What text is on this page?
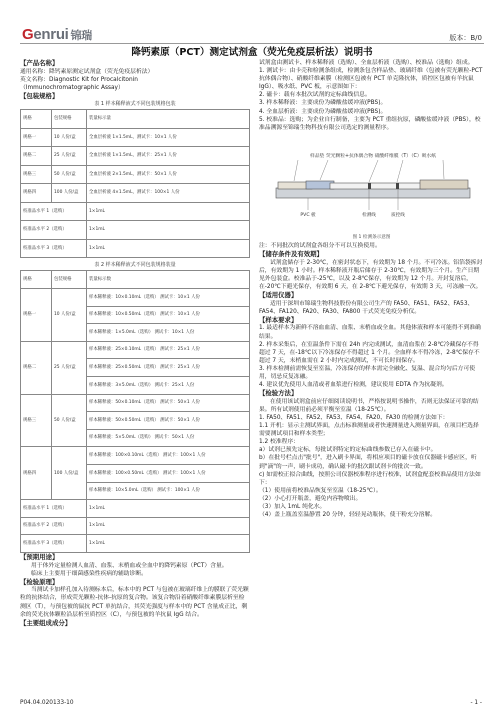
Genrui 锦瑞	版本：B/0
降钙素原（PCT）测定试剂盒（荧光免疫层析法）说明书

【产品名称】

通用名称：降钙素原测定试剂盒（荧光免疫层析法）

英文名称：Diagnostic Kit for Procalcitonin

（Immunochromatographic Assay）

【包装规格】

表 1 样本稀释液式不同包装规格包装
规格	包装规格	装量标示量
规格一	10 人份/盒	全血层析液 1×1.5mL，测试卡：10×1 人份
规格二	25 人份/盒	全血层析液 1×1.5mL，测试卡：25×1 人份
规格三	50 人份/盒	全血层析液 2×1.5mL，测试卡：50×1 人份
规格四	100 人份/盒	全血层析液 4×1.5mL，测试卡：100×1 人份
校准品水平 1（选购）		1×1mL
校准品水平 2（选购）		1×1mL
校准品水平 3（选购）		1×1mL
表 2 样本稀释液式不同包装规格装量
规格	包装规格	装量标示数
规格一	10 人份/盒	样本稀释液：10×0.10mL（选购） 测试卡：10×1 人份
		样本稀释液：10×0.50mL（选购） 测试卡：10×1 人份
		样本稀释液：1×5.0mL（选购） 测试卡：10×1 人份
规格二	25 人份/盒	样本稀释液：25×0.10mL（选购） 测试卡：25×1 人份
		样本稀释液：25×0.50mL（选购） 测试卡：25×1 人份
		样本稀释液：3×5.0mL（选购） 测试卡：25×1 人份
规格三	50 人份/盒	样本稀释液：50×0.10mL（选购） 测试卡：50×1 人份
		样本稀释液：50×0.50mL（选购） 测试卡：50×1 人份
		样本稀释液：5×5.0mL（选购） 测试卡：50×1 人份
规格四	100 人份/盒	样本稀释液：100×0.10mL（选购） 测试卡：100×1 人份
		样本稀释液：100×0.50mL（选购） 测试卡：100×1 人份
		样本稀释液：10×5.0mL（选购） 测试卡：100×1 人份
校准品水平 1（选购）		1×1mL
校准品水平 2（选购）		1×1mL
校准品水平 3（选购）		1×1mL

【预期用途】

用于体外定量检测人血清、血浆、末梢血或全血中的降钙素原（PCT）含量。

临床上主要用于细菌感染性疾病的辅助诊断。

【检验原理】

当测试卡加样孔加入待测标本后，标本中的 PCT 与包被在玻璃纤维上的膜联了荧光颗粒的抗体结合，形成荧光颗粒-抗体-抗原的复合物。该复合物沿着硝酸纤维素膜层析至检测区（T），与预包被的鼠抗 PCT 单抗结合，其荧光强度与样本中的 PCT 含量成正比，剩余的荧光抗体颗粒沿层析至质控区（C），与预包被的羊抗鼠 IgG 结合。

【主要组成成分】

试剂盒由测试卡、样本稀释液（选购）、全血层析液（选购）、校准品（选购）组成。

1. 测试卡：由卡壳和检测条组成，检测条包含样品垫、玻璃纤维（包被有荧光颗粒-PCT 抗体偶合物）、硝酸纤维素膜（检测区包被有 PCT 单克隆抗体，质控区包被有羊抗鼠 IgG）、吸水纸、PVC 板，示意图如下：

2. 磁卡：载有本批次试剂的定标曲线信息。

3. 样本稀释液：主要成份为磷酸盐缓冲液(PBS)。

4. 全血层析液：主要成份为磷酸盐缓冲液(PBS)。

5. 校准品：选购；为企业自行制备，主要为 PCT 重组抗原，磷酸盐缓冲液（PBS），校准品溯源至锦瑞生物科技有限公司选定的测量程序。

样品垫 荧光颗粒+抗体偶合物 硝酸纤维膜（T）（C）吸水纸
PVC 板	检测线	质控线
图 1 检测条示意图

注：不同批次的试剂盒各组分不可以互换使用。

【储存条件及有效期】

试剂盒储存于 2-30℃，在密封状态下，有效期为 18 个月。不可冷冻。铝箔袋拆封后，有效期为 1 小时。样本稀释液开瓶后储存于 2-30℃，有效期为三个月。生产日期见外包装盒。校准品于-25℃，以及 2-8℃保存，有效期为 12 个月。开封复溶后，在-20℃下避光保存，有效期 6 天，在 2-8℃下避光保存，有效期 3 天，可冻融一次。

【适用仪器】

适用于深圳市锦瑞生物科技股份有限公司生产的 FA50、FA51、FA52、FA53、FA54、FA120、FA20、FA30、FA800 干式荧光免疫分析仪。

【样本要求】

1. 最适样本为新鲜不溶血血清、血浆、末梢血或全血。其他体液和样本可能得不到准确结果。

2. 样本采集后，在室温条件下需在 24h 内完成测试，血清血浆在 2-8℃冷藏保存不得超过 7 天，在-18℃以下冷冻保存不得超过 1 个月。全血样本不得冷冻，2-8℃保存不超过 7 天，末梢血需在 2 小时内完成测试，不可长时间保存。

3. 样本检测前需恢复至室温，冷冻保存的样本需完全融化、复温、混合均匀后方可使用，切忌反复冻融。

4. 建议优先使用人血清或者血浆进行检测，建议使用 EDTA 作为抗凝剂。

【检验方法】

在使用该试剂盒前应仔细阅读说明书，严格按说明书操作，否则无法保证可靠的结果。所有试剂使用前必须平衡至室温（18-25℃）。

1. FA50、FA51、FA52、FA53、FA54、FA20、FA30 的检测方法如下：

1.1 开机：显示主测试界面，点击标准测量或者快速测量进入测量界面，在项目栏选择需要测试项目和样本类型；

1.2 校准程序：

a）试剂已预先定标，每批试剂特定的定标曲线参数已存入在磁卡中。

b）在批号栏点击"批号"，进入刷卡界面，将相应项目的磁卡放在仪器磁卡感应区，听到"滴"的一声，刷卡成功，确认磁卡的批次跟试剂卡的批次一致。

c) 如需校正拟合曲线，按照公司仪器校准程序进行校准，试剂盒配套校准品使用方法如下：

（1）使用前将校准品恢复至室温（18-25℃）。

（2）小心打开瓶盖，避免内容物喷出。

（3）加入 1mL 纯化水。

（4）盖上瓶盖室温静置 20 分钟，轻轻晃动瓶体，使干粉充分溶解。

P04.04.020133-10	- 1 -
